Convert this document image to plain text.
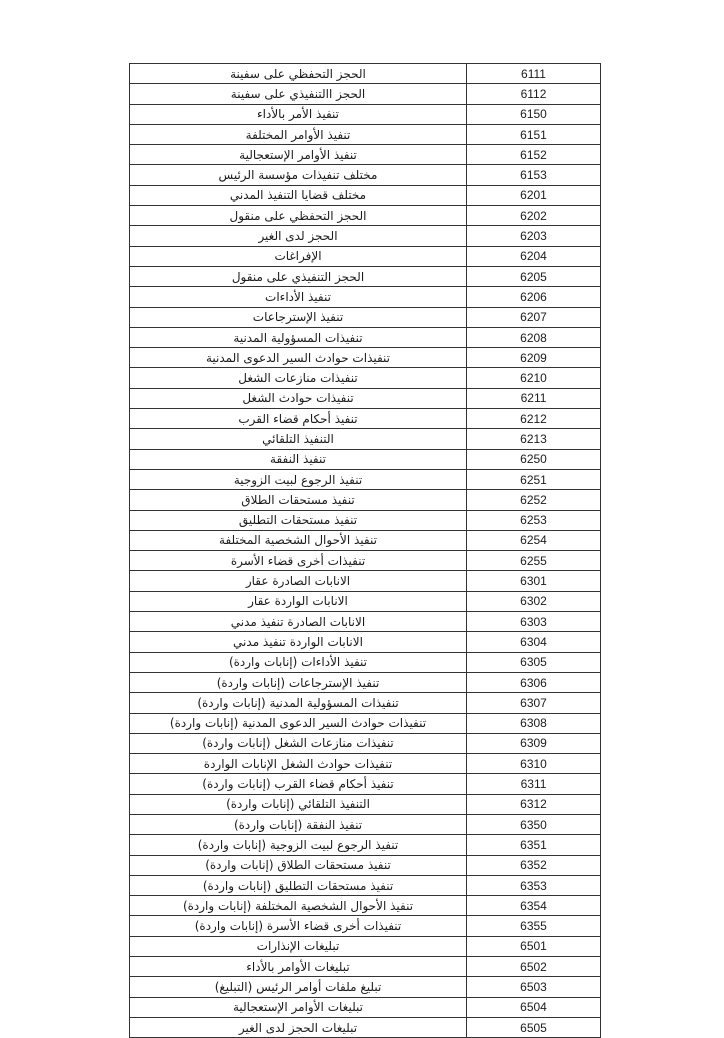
الحجز التحفظي على سفينة	6111
الحجز االتنفيذي على سفينة	6112
تنفيذ الأمر بالأداء	6150
تنفيذ الأوامر المختلفة	6151
تنفيذ الأوامر الإستعجالية	6152
مختلف تنفيذات مؤسسة الرئيس	6153
مختلف قضايا التنفيذ المدني	6201
الحجز التحفظي على منقول	6202
الحجز لدى الغير	6203
الإفراغات	6204
الحجز التنفيذي على منقول	6205
تنفيذ الأداءات	6206
تنفيذ الإسترجاعات	6207
تنفيذات المسؤولية المدنية	6208
تنفيذات حوادث السير الدعوى المدنية	6209
تنفيذات منازعات الشغل	6210
تنفيذات حوادث الشغل	6211
تنفيذ أحكام قضاء القرب	6212
التنفيذ التلقائي	6213
تنفيذ النفقة	6250
تنفيذ الرجوع لبيت الزوجية	6251
تنفيذ مستحقات الطلاق	6252
تنفيذ مستحقات التطليق	6253
تنفيذ الأحوال الشخصية المختلفة	6254
تنفيذات أخرى قضاء الأسرة	6255
الانابات الصادرة عقار	6301
الانابات الواردة عقار	6302
الانابات الصادرة تنفيذ مدني	6303
الانابات الواردة تنفيذ مدني	6304
تنفيذ الأداءات (إنابات واردة)	6305
تنفيذ الإسترجاعات (إنابات واردة)	6306
تنفيذات المسؤولية المدنية (إنابات واردة)	6307
تنفيذات حوادث السير الدعوى المدنية (إنابات واردة)	6308
تنفيذات منازعات الشغل (إنابات واردة)	6309
تنفيذات حوادث الشغل الإنابات الواردة	6310
تنفيذ أحكام قضاء القرب (إنابات واردة)	6311
التنفيذ التلقائي (إنابات واردة)	6312
تنفيذ النفقة (إنابات واردة)	6350
تنفيذ الرجوع لبيت الزوجية (إنابات واردة)	6351
تنفيذ مستحقات الطلاق (إنابات واردة)	6352
تنفيذ مستحقات التطليق (إنابات واردة)	6353
تنفيذ الأحوال الشخصية المختلفة (إنابات واردة)	6354
تنفيذات أخرى قضاء الأسرة (إنابات واردة)	6355
تبليغات الإنذارات	6501
تبليغات الأوامر بالأداء	6502
تبليغ ملفات أوامر الرئيس (التبليغ)	6503
تبليغات الأوامر الإستعجالية	6504
تبليغات الحجز لدى الغير	6505
